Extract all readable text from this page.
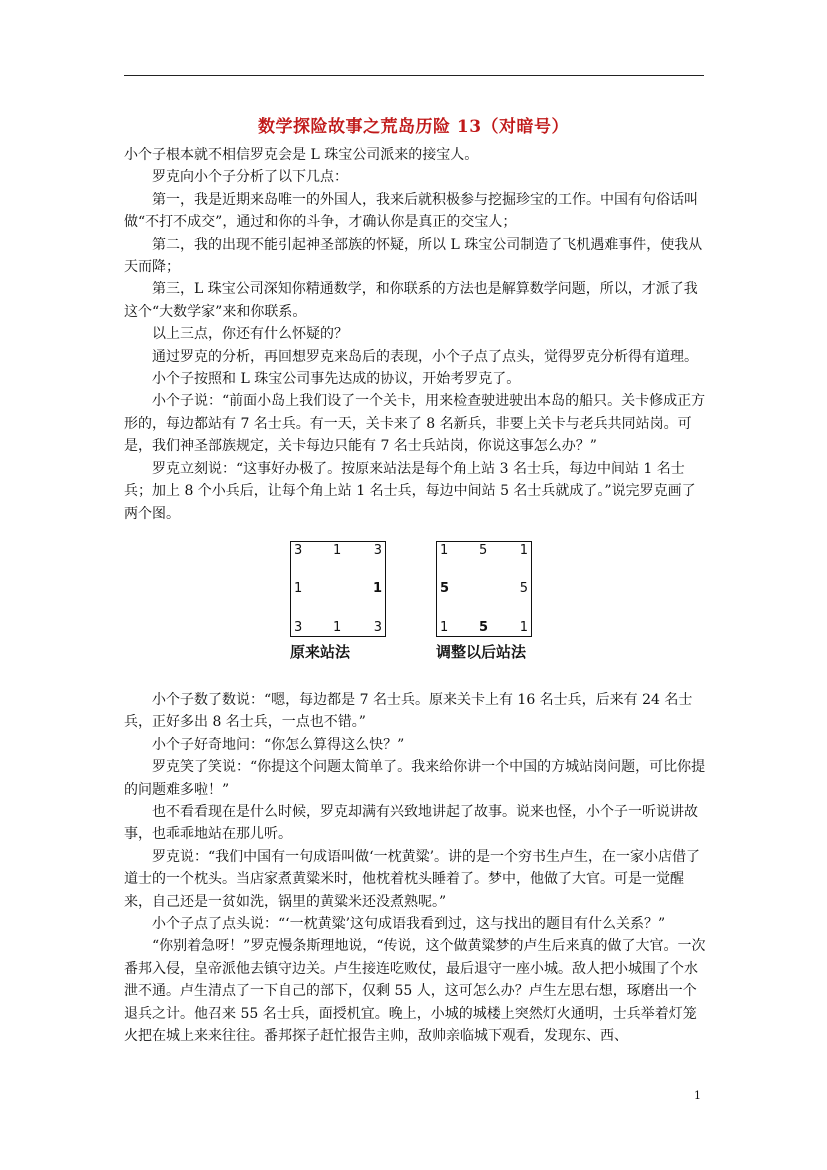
数学探险故事之荒岛历险 13（对暗号）

小个子根本就不相信罗克会是 L 珠宝公司派来的接宝人。

罗克向小个子分析了以下几点：

第一，我是近期来岛唯一的外国人，我来后就积极参与挖掘珍宝的工作。中国有句俗话叫做“不打不成交”，通过和你的斗争，才确认你是真正的交宝人；

第二，我的出现不能引起神圣部族的怀疑，所以 L 珠宝公司制造了飞机遇难事件，使我从天而降；

第三，L 珠宝公司深知你精通数学，和你联系的方法也是解算数学问题，所以，才派了我这个“大数学家”来和你联系。

以上三点，你还有什么怀疑的？

通过罗克的分析，再回想罗克来岛后的表现，小个子点了点头，觉得罗克分析得有道理。

小个子按照和 L 珠宝公司事先达成的协议，开始考罗克了。

小个子说：“前面小岛上我们设了一个关卡，用来检查驶进驶出本岛的船只。关卡修成正方形的，每边都站有 7 名士兵。有一天，关卡来了 8 名新兵，非要上关卡与老兵共同站岗。可是，我们神圣部族规定，关卡每边只能有 7 名士兵站岗，你说这事怎么办？”

罗克立刻说：“这事好办极了。按原来站法是每个角上站 3 名士兵，每边中间站 1 名士兵；加上 8 个小兵后，让每个角上站 1 名士兵，每边中间站 5 名士兵就成了。”说完罗克画了两个图。

3 1 3
1	1
3 1 3
原来站法
1 5 1
5	5
1 5 1
调整以后站法

小个子数了数说：“嗯，每边都是 7 名士兵。原来关卡上有 16 名士兵，后来有 24 名士兵，正好多出 8 名士兵，一点也不错。”

小个子好奇地问：“你怎么算得这么快？”

罗克笑了笑说：“你提这个问题太简单了。我来给你讲一个中国的方城站岗问题，可比你提的问题难多啦！”

也不看看现在是什么时候，罗克却满有兴致地讲起了故事。说来也怪，小个子一听说讲故事，也乖乖地站在那儿听。

罗克说：“我们中国有一句成语叫做‘一枕黄粱’。讲的是一个穷书生卢生，在一家小店借了道士的一个枕头。当店家煮黄粱米时，他枕着枕头睡着了。梦中，他做了大官。可是一觉醒来，自己还是一贫如洗，锅里的黄粱米还没煮熟呢。”

小个子点了点头说：“‘一枕黄粱’这句成语我看到过，这与找出的题目有什么关系？”

“你别着急呀！”罗克慢条斯理地说，“传说，这个做黄粱梦的卢生后来真的做了大官。一次番邦入侵，皇帝派他去镇守边关。卢生接连吃败仗，最后退守一座小城。敌人把小城围了个水泄不通。卢生清点了一下自己的部下，仅剩 55 人，这可怎么办？卢生左思右想，琢磨出一个退兵之计。他召来 55 名士兵，面授机宜。晚上，小城的城楼上突然灯火通明，士兵举着灯笼火把在城上来来往往。番邦探子赶忙报告主帅，敌帅亲临城下观看，发现东、西、

1
